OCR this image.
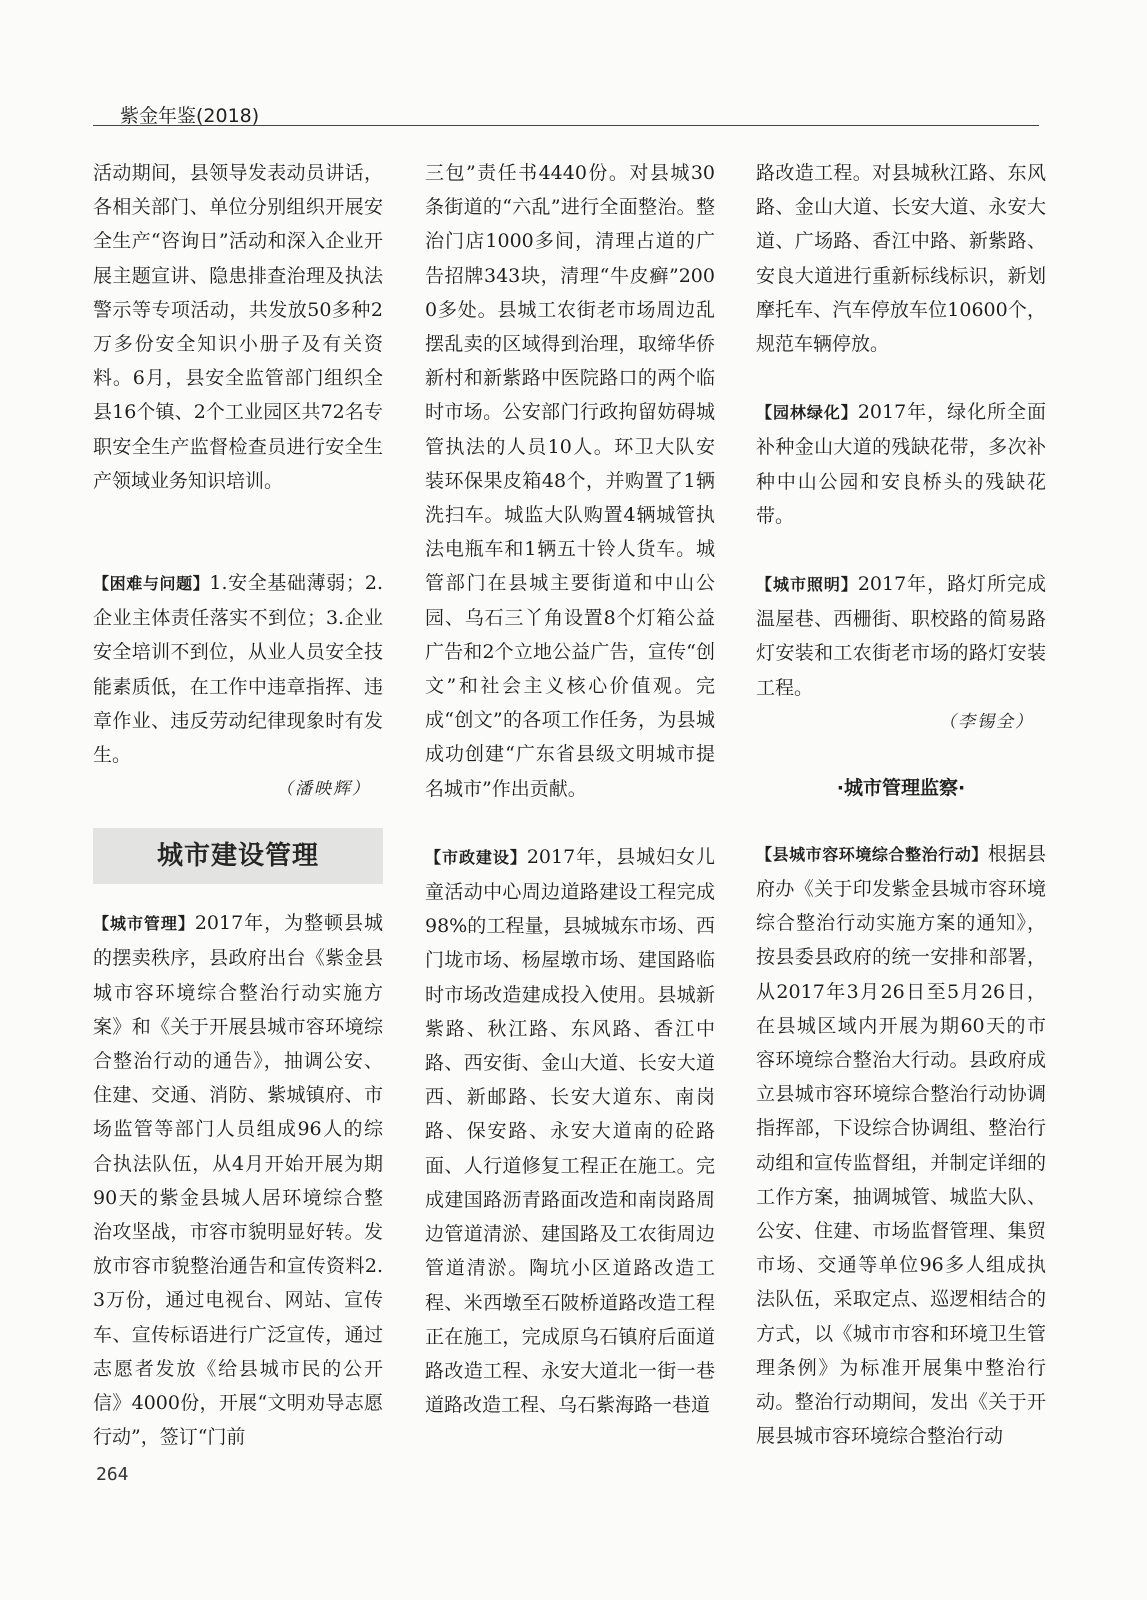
紫金年鉴(2018)

活动期间，县领导发表动员讲话，各相关部门、单位分别组织开展安全生产“咨询日”活动和深入企业开展主题宣讲、隐患排查治理及执法警示等专项活动，共发放50多种2万多份安全知识小册子及有关资料。6月，县安全监管部门组织全县16个镇、2个工业园区共72名专职安全生产监督检查员进行安全生产领域业务知识培训。

【困难与问题】1.安全基础薄弱；2.企业主体责任落实不到位；3.企业安全培训不到位，从业人员安全技能素质低，在工作中违章指挥、违章作业、违反劳动纪律现象时有发生。

（潘映辉）
城市建设管理

【城市管理】2017年，为整顿县城的摆卖秩序，县政府出台《紫金县城市容环境综合整治行动实施方案》和《关于开展县城市容环境综合整治行动的通告》，抽调公安、住建、交通、消防、紫城镇府、市场监管等部门人员组成96人的综合执法队伍，从4月开始开展为期90天的紫金县城人居环境综合整治攻坚战，市容市貌明显好转。发放市容市貌整治通告和宣传资料2.3万份，通过电视台、网站、宣传车、宣传标语进行广泛宣传，通过志愿者发放《给县城市民的公开信》4000份，开展“文明劝导志愿行动”，签订“门前

三包”责任书4440份。对县城30条街道的“六乱”进行全面整治。整治门店1000多间，清理占道的广告招牌343块，清理“牛皮癣”2000多处。县城工农街老市场周边乱摆乱卖的区域得到治理，取缔华侨新村和新紫路中医院路口的两个临时市场。公安部门行政拘留妨碍城管执法的人员10人。环卫大队安装环保果皮箱48个，并购置了1辆洗扫车。城监大队购置4辆城管执法电瓶车和1辆五十铃人货车。城管部门在县城主要街道和中山公园、乌石三丫角设置8个灯箱公益广告和2个立地公益广告，宣传“创文”和社会主义核心价值观。完成“创文”的各项工作任务，为县城成功创建“广东省县级文明城市提名城市”作出贡献。

【市政建设】2017年，县城妇女儿童活动中心周边道路建设工程完成98%的工程量，县城城东市场、西门垅市场、杨屋墩市场、建国路临时市场改造建成投入使用。县城新紫路、秋江路、东风路、香江中路、西安街、金山大道、长安大道西、新邮路、长安大道东、南岗路、保安路、永安大道南的砼路面、人行道修复工程正在施工。完成建国路沥青路面改造和南岗路周边管道清淤、建国路及工农街周边管道清淤。陶坑小区道路改造工程、米西墩至石陂桥道路改造工程正在施工，完成原乌石镇府后面道路改造工程、永安大道北一街一巷道路改造工程、乌石紫海路一巷道

路改造工程。对县城秋江路、东风路、金山大道、长安大道、永安大道、广场路、香江中路、新紫路、安良大道进行重新标线标识，新划摩托车、汽车停放车位10600个，规范车辆停放。

【园林绿化】2017年，绿化所全面补种金山大道的残缺花带，多次补种中山公园和安良桥头的残缺花带。

【城市照明】2017年，路灯所完成温屋巷、西栅街、职校路的简易路灯安装和工农街老市场的路灯安装工程。

（李锡全）
·城市管理监察·

【县城市容环境综合整治行动】根据县府办《关于印发紫金县城市容环境综合整治行动实施方案的通知》，按县委县政府的统一安排和部署，从2017年3月26日至5月26日，在县城区域内开展为期60天的市容环境综合整治大行动。县政府成立县城市容环境综合整治行动协调指挥部，下设综合协调组、整治行动组和宣传监督组，并制定详细的工作方案，抽调城管、城监大队、公安、住建、市场监督管理、集贸市场、交通等单位96多人组成执法队伍，采取定点、巡逻相结合的方式，以《城市市容和环境卫生管理条例》为标准开展集中整治行动。整治行动期间，发出《关于开展县城市容环境综合整治行动

264
